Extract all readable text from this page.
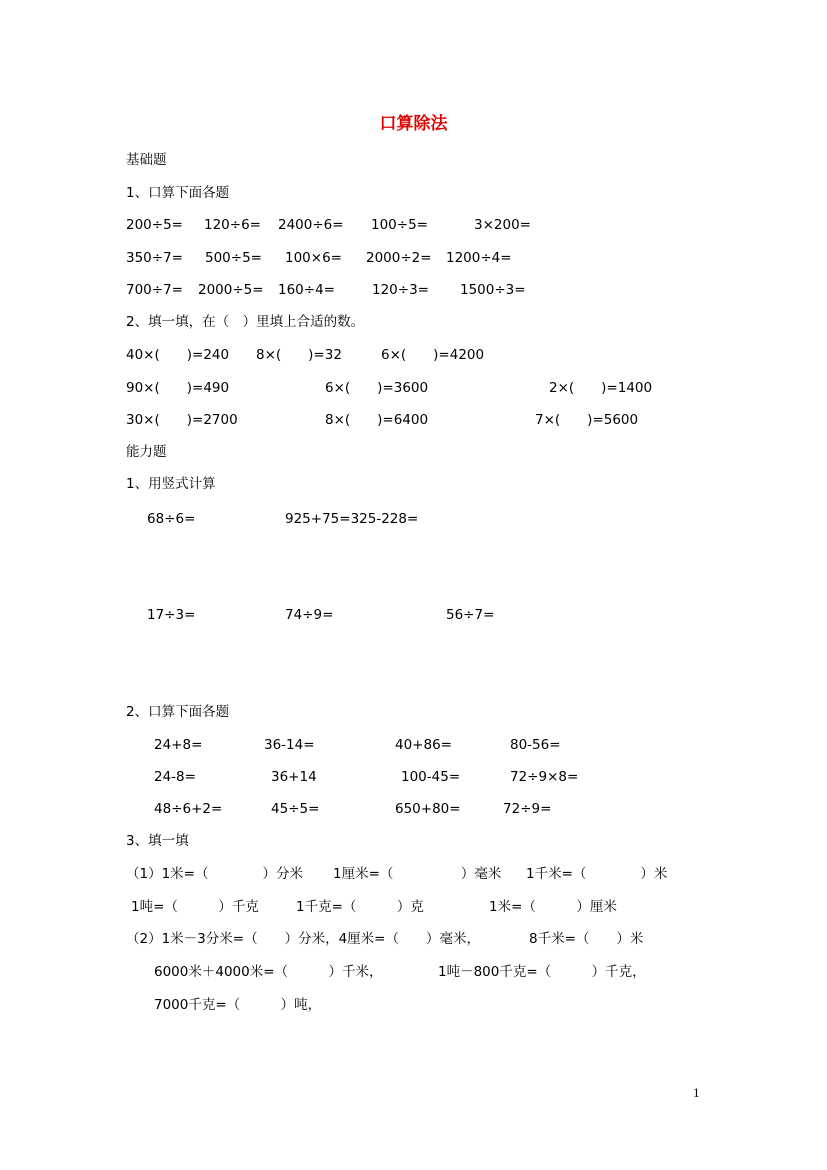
口算除法
基础题
1、口算下面各题
200÷5= 120÷6= 2400÷6= 100÷5=	3×200=
350÷7= 500÷5= 100×6= 2000÷2= 1200÷4=
700÷7= 2000÷5= 160÷4=	120÷3= 1500÷3=
2、填一填，在（　）里填上合适的数。
40×(　　)=240 8×(　　)=32	6×(　　)=4200
90×(　　)=490	6×(　　)=3600	2×(　　)=1400
30×(　　)=2700	8×(　　)=6400	7×(　　)=5600
能力题
1、用竖式计算
68÷6=	925+75=325-228=
17÷3=	74÷9=	56÷7=
2、口算下面各题
24+8=	36-14=	40+86=	80-56=
24-8=	36+14	100-45=	72÷9×8=
48÷6+2=	45÷5=	650+80=	72÷9=
3、填一填
（1）1米=（　　　　）分米 1厘米=（　　　　　）毫米 1千米=（　　　　）米
1吨=（　　　）千克	1千克=（　　　）克	1米=（　　　）厘米
（2）1米－3分米=（　　）分米，4厘米=（　　）毫米，	8千米=（　　）米
6000米＋4000米=（　　　）千米，	1吨－800千克=（　　　）千克，
7000千克=（　　　）吨，
1
